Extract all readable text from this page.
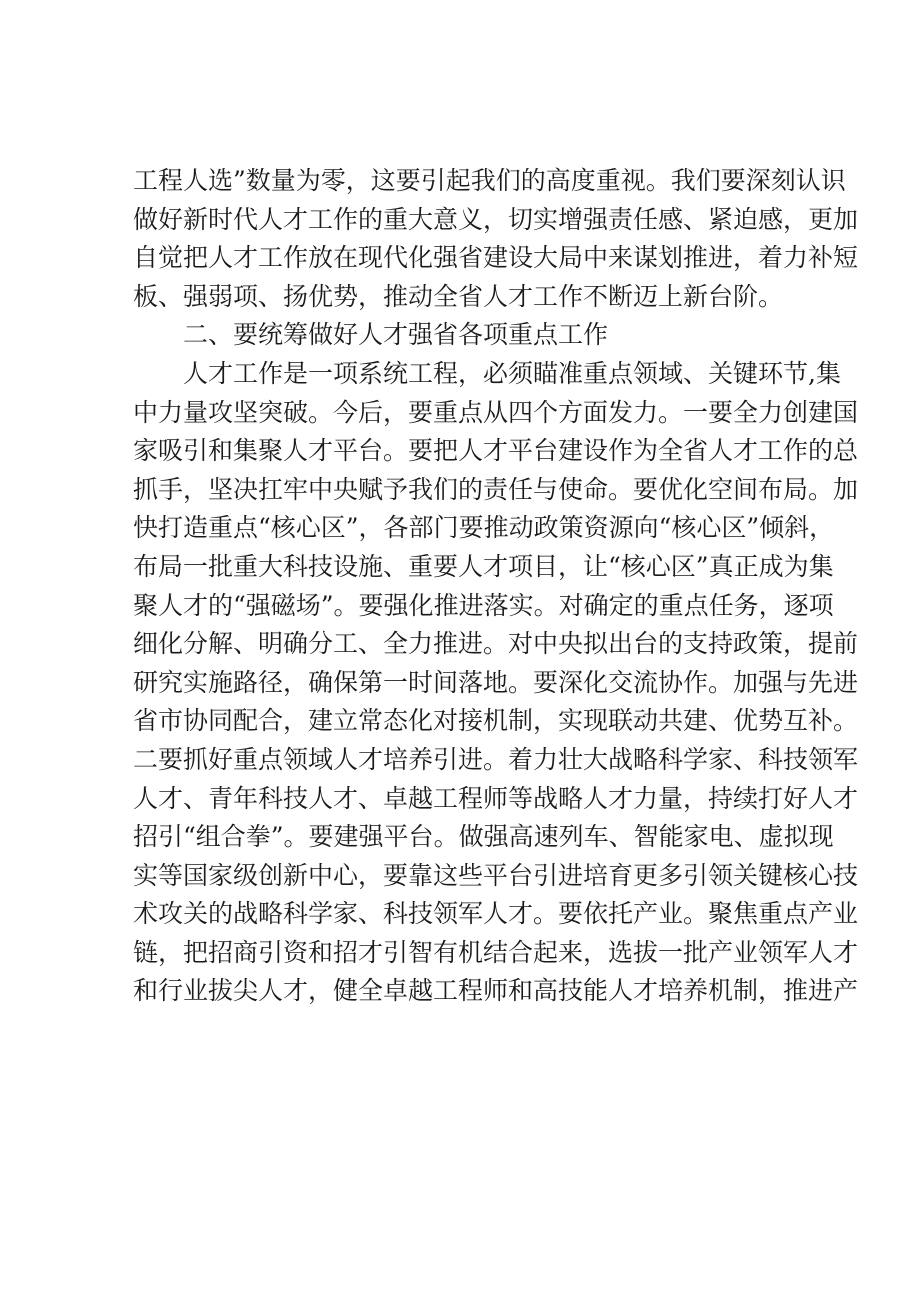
工程人选”数量为零，这要引起我们的高度重视。我们要深刻认识
做好新时代人才工作的重大意义，切实增强责任感、紧迫感，更加
自觉把人才工作放在现代化强省建设大局中来谋划推进，着力补短
板、强弱项、扬优势，推动全省人才工作不断迈上新台阶。
二、要统筹做好人才强省各项重点工作
人才工作是一项系统工程，必须瞄准重点领域、关键环节,集
中力量攻坚突破。今后，要重点从四个方面发力。一要全力创建国
家吸引和集聚人才平台。要把人才平台建设作为全省人才工作的总
抓手，坚决扛牢中央赋予我们的责任与使命。要优化空间布局。加
快打造重点“核心区”，各部门要推动政策资源向“核心区”倾斜，
布局一批重大科技设施、重要人才项目，让“核心区”真正成为集
聚人才的“强磁场”。要强化推进落实。对确定的重点任务，逐项
细化分解、明确分工、全力推进。对中央拟出台的支持政策，提前
研究实施路径，确保第一时间落地。要深化交流协作。加强与先进
省市协同配合，建立常态化对接机制，实现联动共建、优势互补。
二要抓好重点领域人才培养引进。着力壮大战略科学家、科技领军
人才、青年科技人才、卓越工程师等战略人才力量，持续打好人才
招引“组合拳”。要建强平台。做强高速列车、智能家电、虚拟现
实等国家级创新中心，要靠这些平台引进培育更多引领关键核心技
术攻关的战略科学家、科技领军人才。要依托产业。聚焦重点产业
链，把招商引资和招才引智有机结合起来，选拔一批产业领军人才
和行业拔尖人才，健全卓越工程师和高技能人才培养机制，推进产
